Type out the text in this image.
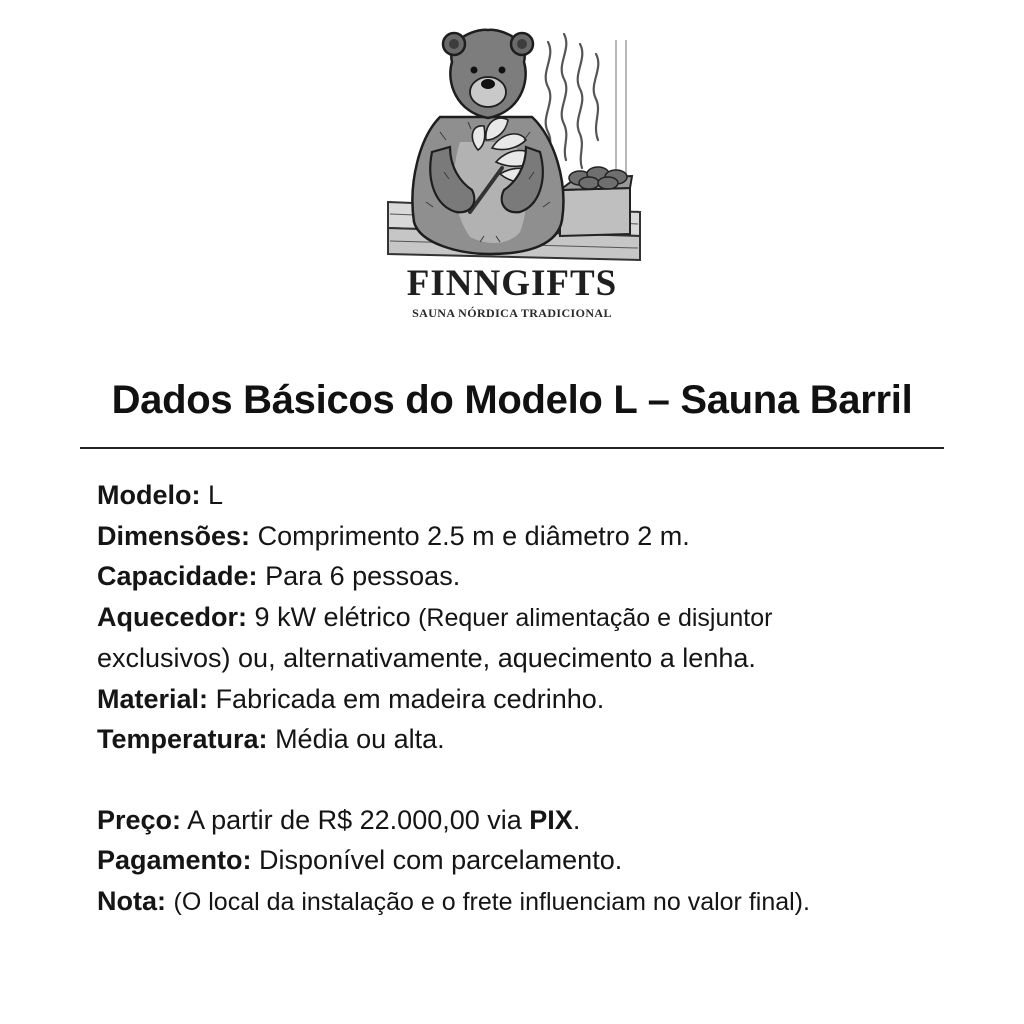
FINNGIFTS
SAUNA NÓRDICA TRADICIONAL
Dados Básicos do Modelo L – Sauna Barril

Modelo: L

Dimensões: Comprimento 2.5 m e diâmetro 2 m.

Capacidade: Para 6 pessoas.

Aquecedor: 9 kW elétrico (Requer alimentação e disjuntor

exclusivos) ou, alternativamente, aquecimento a lenha.

Material: Fabricada em madeira cedrinho.

Temperatura: Média ou alta.

Preço: A partir de R$ 22.000,00 via PIX.

Pagamento: Disponível com parcelamento.

Nota: (O local da instalação e o frete influenciam no valor final).
